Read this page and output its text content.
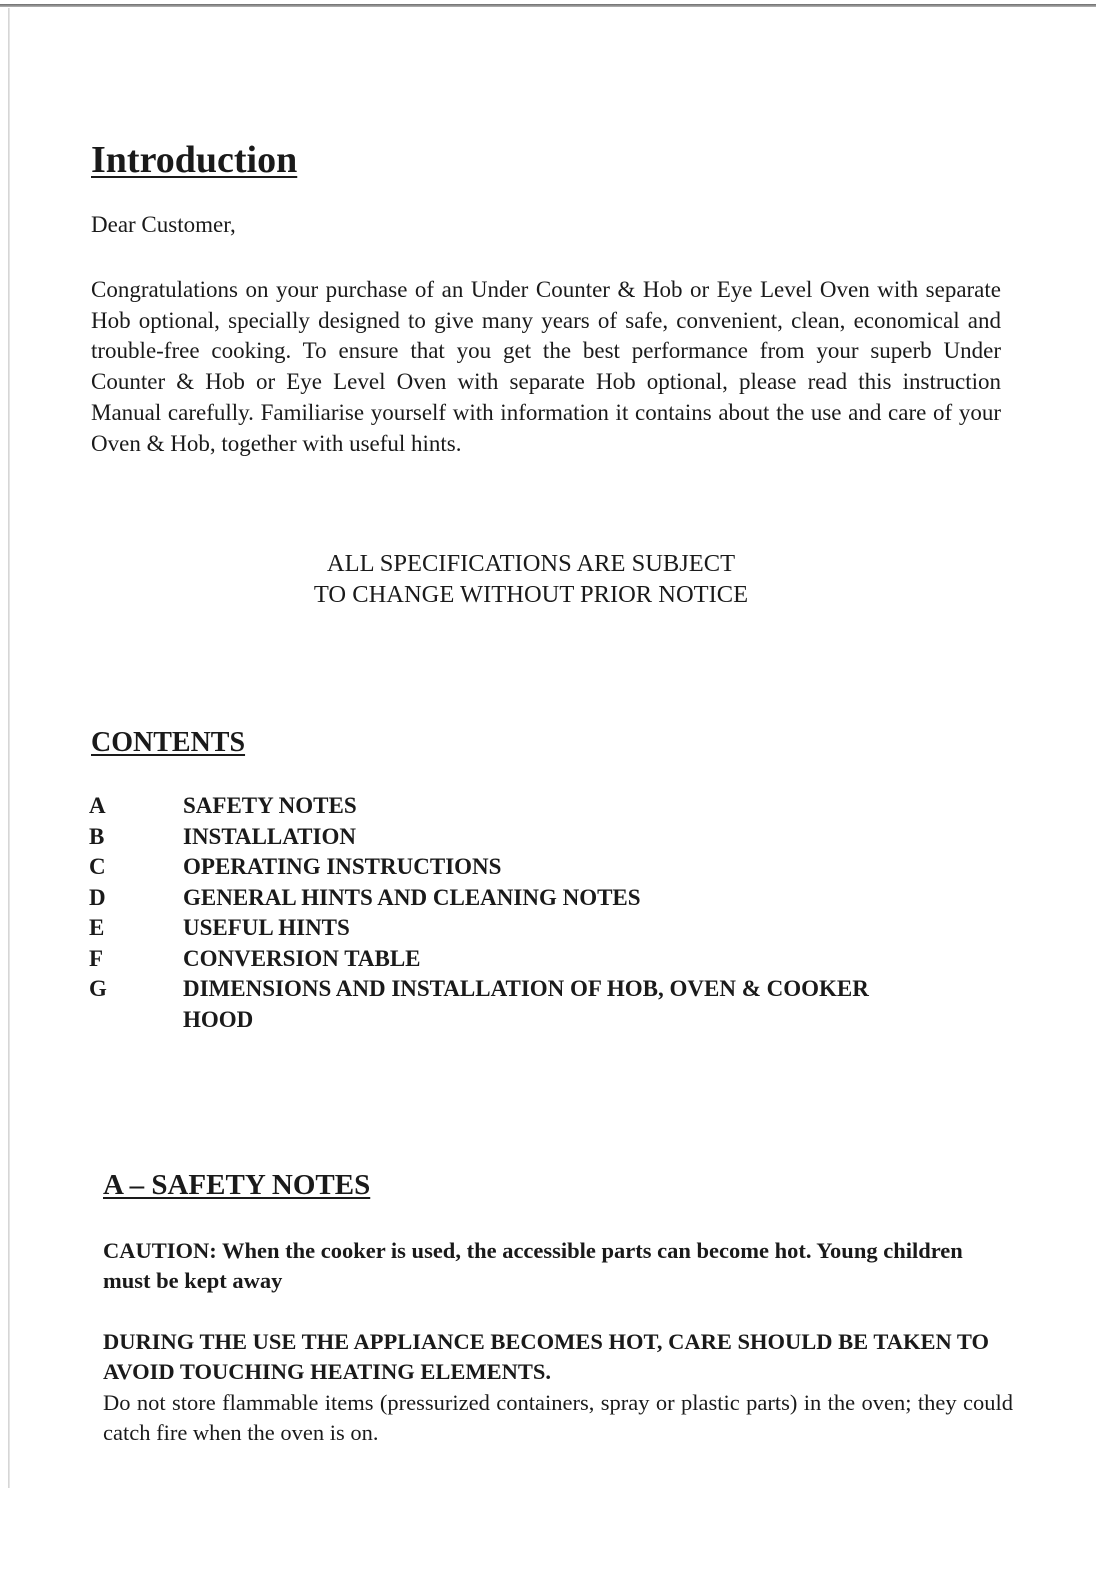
Introduction

Dear Customer,

Congratulations on your purchase of an Under Counter & Hob or Eye Level Oven with separate Hob optional, specially designed to give many years of safe, convenient, clean, economical and trouble-free cooking. To ensure that you get the best performance from your superb Under Counter & Hob or Eye Level Oven with separate Hob optional, please read this instruction Manual carefully. Familiarise yourself with information it contains about the use and care of your Oven & Hob, together with useful hints.

ALL SPECIFICATIONS ARE SUBJECT
TO CHANGE WITHOUT PRIOR NOTICE
CONTENTS
A	SAFETY NOTES
B	INSTALLATION
C	OPERATING INSTRUCTIONS
D	GENERAL HINTS AND CLEANING NOTES
E	USEFUL HINTS
F	CONVERSION TABLE
G	DIMENSIONS AND INSTALLATION OF HOB, OVEN & COOKER HOOD
A – SAFETY NOTES

CAUTION: When the cooker is used, the accessible parts can become hot. Young children must be kept away

DURING THE USE THE APPLIANCE BECOMES HOT, CARE SHOULD BE TAKEN TO AVOID TOUCHING HEATING ELEMENTS.

Do not store flammable items (pressurized containers, spray or plastic parts) in the oven; they could catch fire when the oven is on.
